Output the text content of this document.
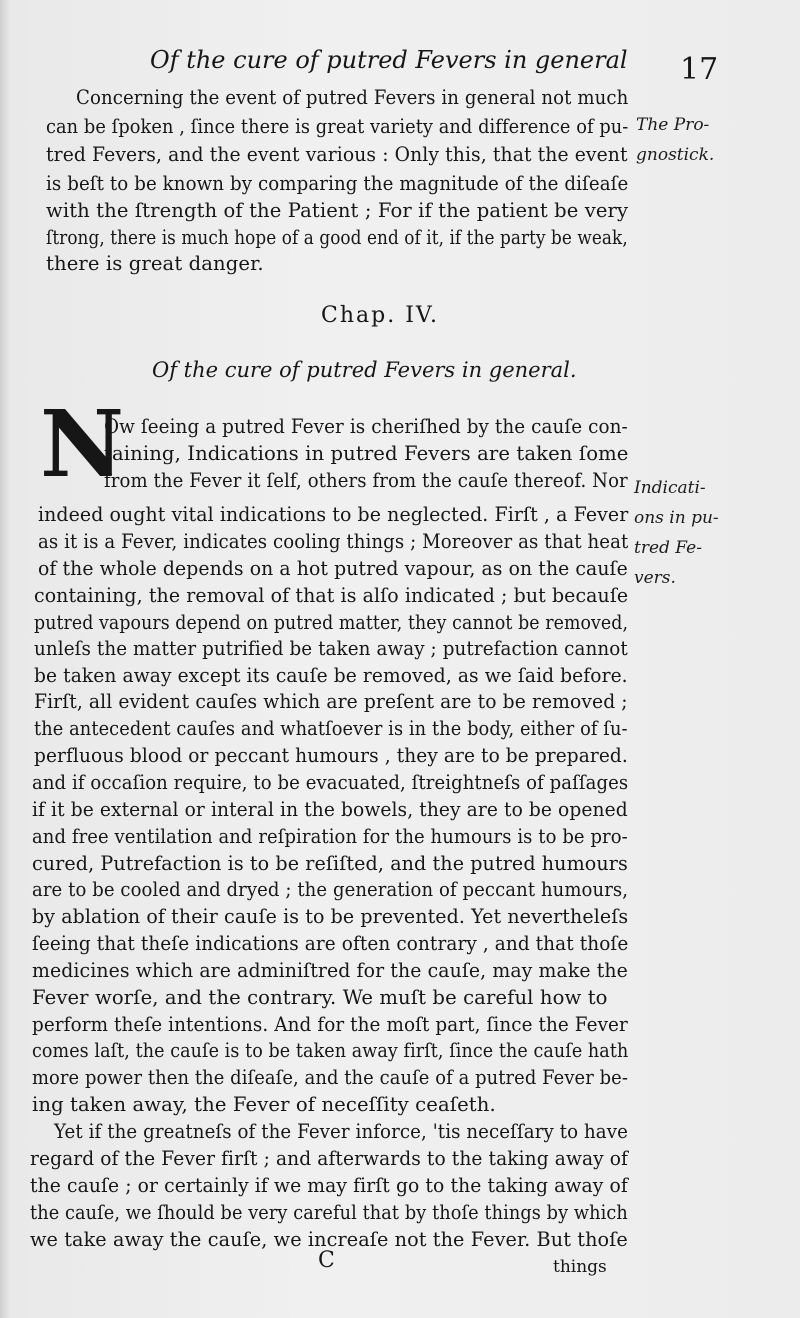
Of the cure of putred Fevers in general 17
The Pro-
gnostick.
Indicati-
ons in pu-
tred Fe-
vers.
Concerning the event of putred Fevers in general not much
can be ſpoken , ſince there is great variety and difference of pu-
tred Fevers, and the event various : Only this, that the event
is beſt to be known by comparing the magnitude of the diſeaſe
with the ſtrength of the Patient ; For if the patient be very
ſtrong, there is much hope of a good end of it, if the party be weak,
there is great danger.
Chap. IV.
Of the cure of putred Fevers in general.
N
Ow ſeeing a putred Fever is cheriſhed by the cauſe con-
taining, Indications in putred Fevers are taken ſome
from the Fever it ſelf, others from the cauſe thereof. Nor
indeed ought vital indications to be neglected. Firſt , a Fever
as it is a Fever, indicates cooling things ; Moreover as that heat
of the whole depends on a hot putred vapour, as on the cauſe
containing, the removal of that is alſo indicated ; but becauſe
putred vapours depend on putred matter, they cannot be removed,
unleſs the matter putrified be taken away ; putrefaction cannot
be taken away except its cauſe be removed, as we ſaid before.
Firſt, all evident cauſes which are preſent are to be removed ;
the antecedent cauſes and whatſoever is in the body, either of ſu-
perfluous blood or peccant humours , they are to be prepared.
and if occaſion require, to be evacuated, ſtreightneſs of paſſages
if it be external or interal in the bowels, they are to be opened
and free ventilation and reſpiration for the humours is to be pro-
cured, Putrefaction is to be reſiſted, and the putred humours
are to be cooled and dryed ; the generation of peccant humours,
by ablation of their cauſe is to be prevented. Yet nevertheleſs
ſeeing that theſe indications are often contrary , and that thoſe
medicines which are adminiſtred for the cauſe, may make the
Fever worſe, and the contrary. We muſt be careful how to
perform theſe intentions. And for the moſt part, ſince the Fever
comes laſt, the cauſe is to be taken away firſt, ſince the cauſe hath
more power then the diſeaſe, and the cauſe of a putred Fever be-
ing taken away, the Fever of neceſſity ceaſeth.
Yet if the greatneſs of the Fever inforce, 'tis neceſſary to have
regard of the Fever firſt ; and afterwards to the taking away of
the cauſe ; or certainly if we may firſt go to the taking away of
the cauſe, we ſhould be very careful that by thoſe things by which
we take away the cauſe, we increaſe not the Fever. But thoſe
C	things
